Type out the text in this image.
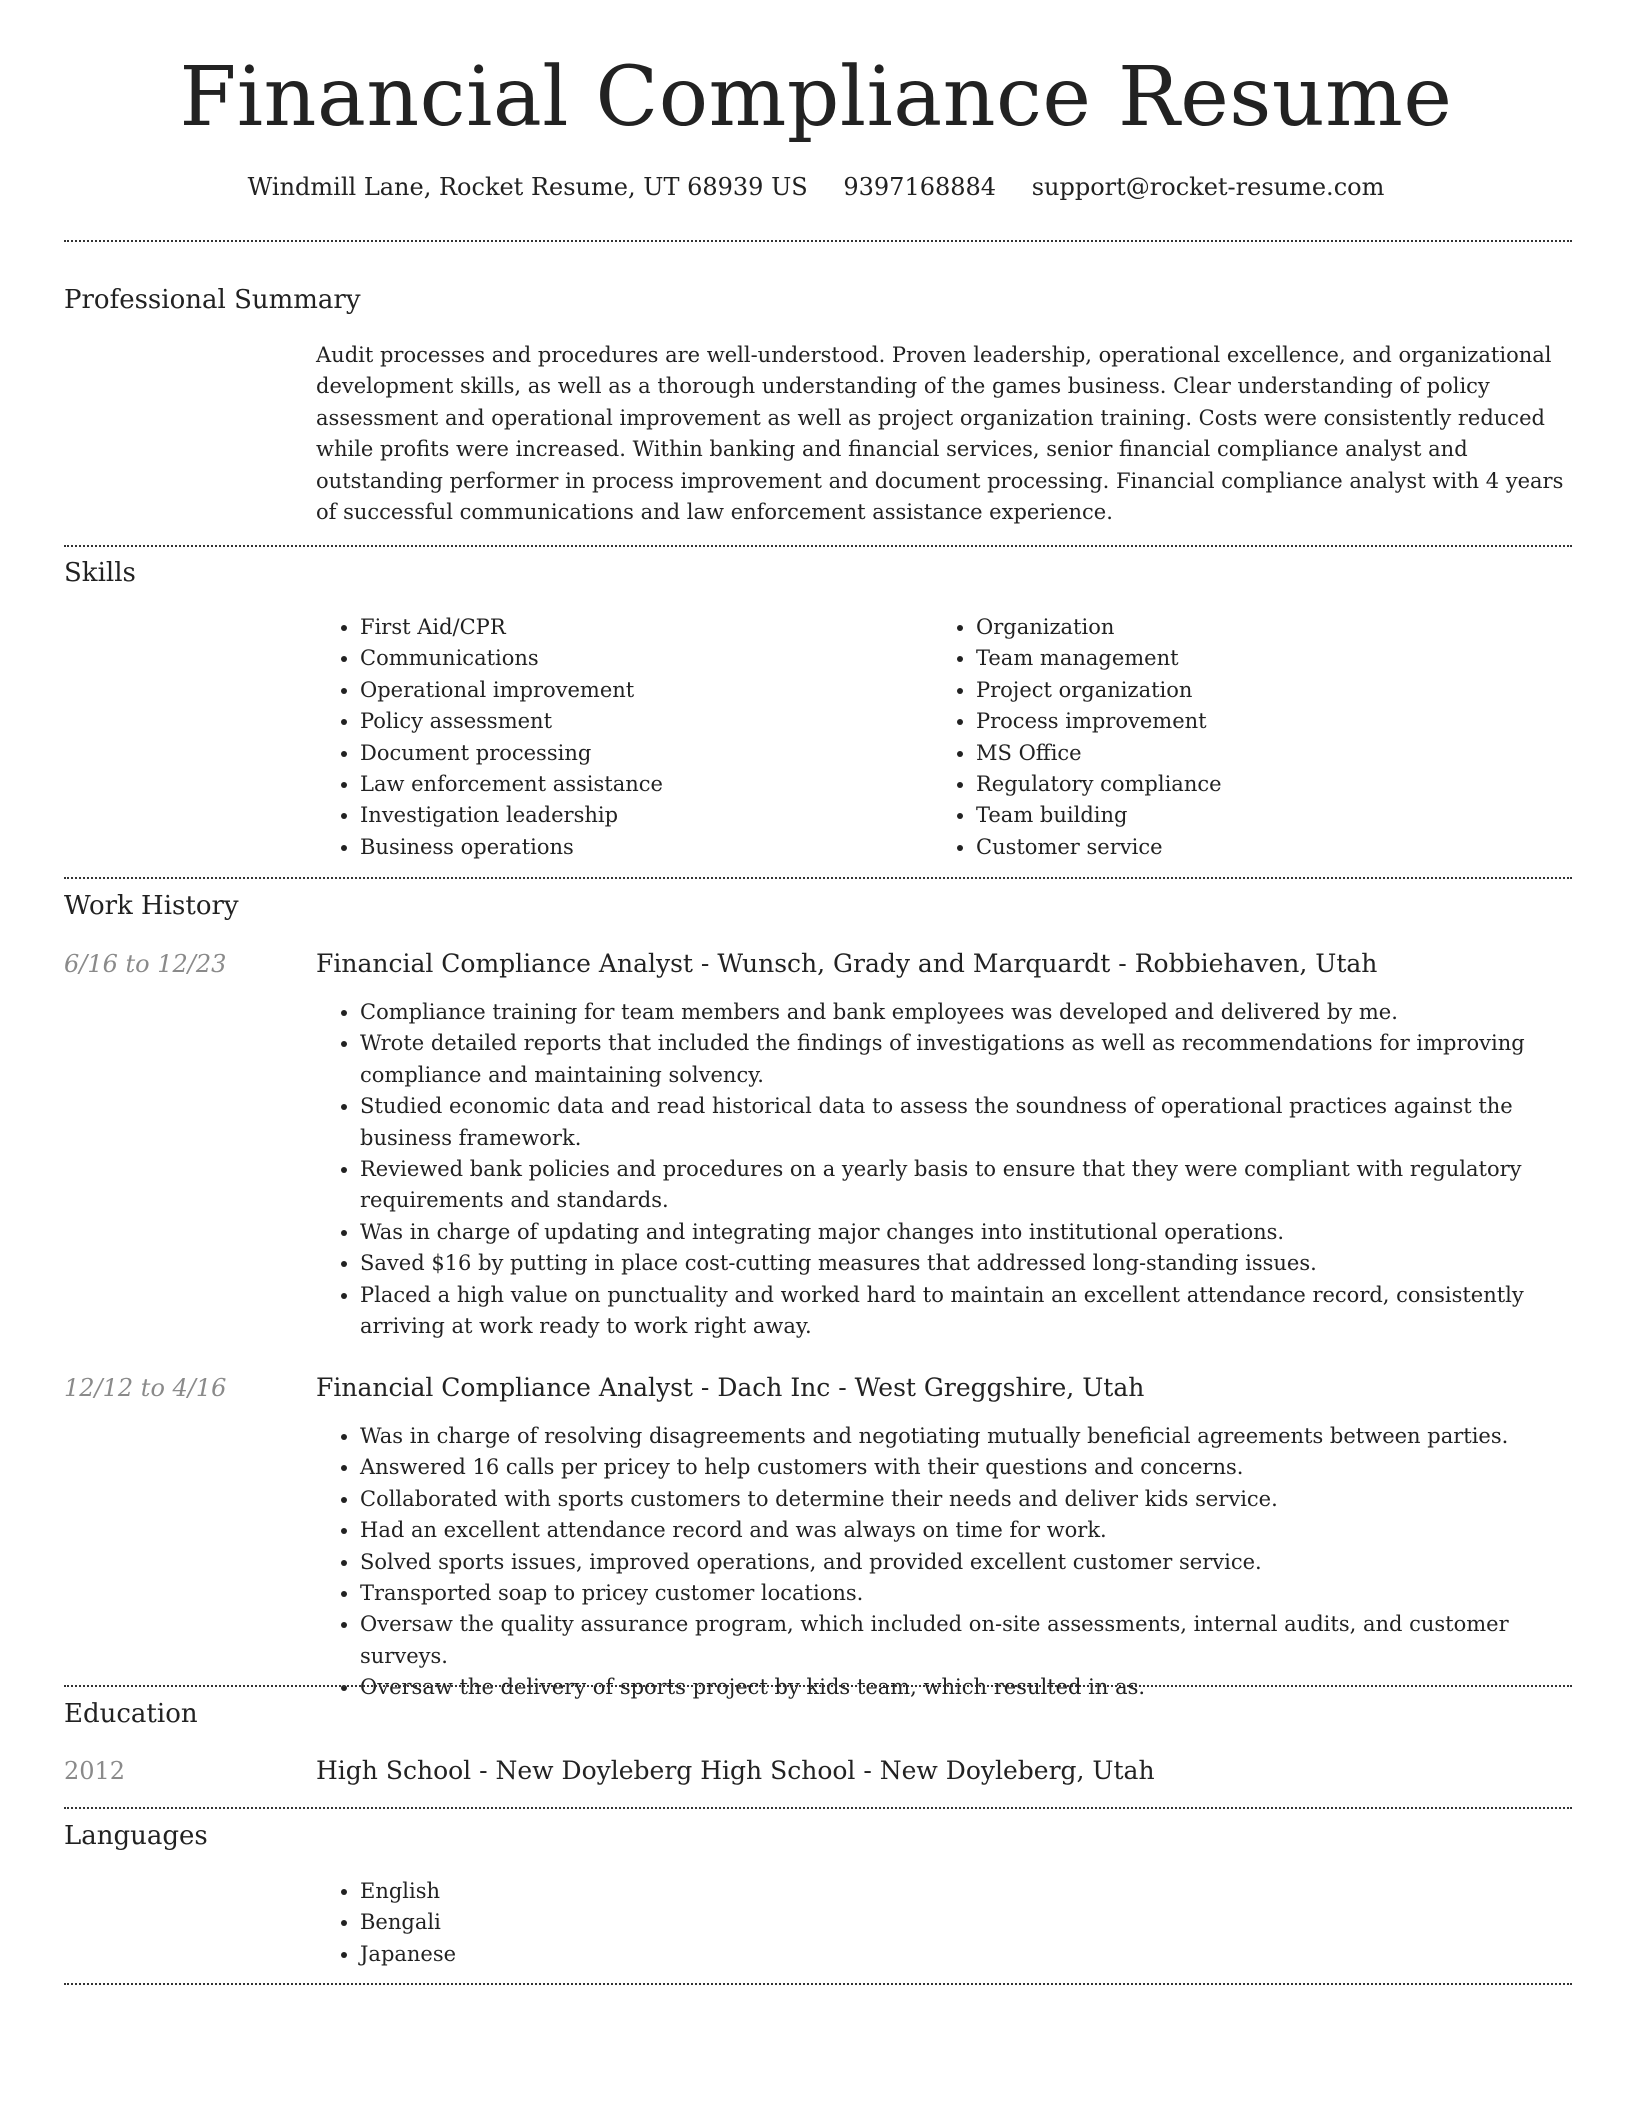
Financial Compliance Resume
Windmill Lane, Rocket Resume, UT 68939 US 9397168884 support@rocket-resume.com
Professional Summary
Audit processes and procedures are well-understood. Proven leadership, operational excellence, and organizational development skills, as well as a thorough understanding of the games business. Clear understanding of policy assessment and operational improvement as well as project organization training. Costs were consistently reduced while profits were increased. Within banking and financial services, senior financial compliance analyst and outstanding performer in process improvement and document processing. Financial compliance analyst with 4 years of successful communications and law enforcement assistance experience.
Skills
• First Aid/CPR
• Communications
• Operational improvement
• Policy assessment
• Document processing
• Law enforcement assistance
• Investigation leadership
• Business operations
• Organization
• Team management
• Project organization
• Process improvement
• MS Office
• Regulatory compliance
• Team building
• Customer service
Work History
6/16 to 12/23	Financial Compliance Analyst - Wunsch, Grady and Marquardt - Robbiehaven, Utah
• Compliance training for team members and bank employees was developed and delivered by me.
• Wrote detailed reports that included the findings of investigations as well as recommendations for improving compliance and maintaining solvency.
• Studied economic data and read historical data to assess the soundness of operational practices against the business framework.
• Reviewed bank policies and procedures on a yearly basis to ensure that they were compliant with regulatory requirements and standards.
• Was in charge of updating and integrating major changes into institutional operations.
• Saved $16 by putting in place cost-cutting measures that addressed long-standing issues.
• Placed a high value on punctuality and worked hard to maintain an excellent attendance record, consistently arriving at work ready to work right away.
12/12 to 4/16	Financial Compliance Analyst - Dach Inc - West Greggshire, Utah
• Was in charge of resolving disagreements and negotiating mutually beneficial agreements between parties.
• Answered 16 calls per pricey to help customers with their questions and concerns.
• Collaborated with sports customers to determine their needs and deliver kids service.
• Had an excellent attendance record and was always on time for work.
• Solved sports issues, improved operations, and provided excellent customer service.
• Transported soap to pricey customer locations.
• Oversaw the quality assurance program, which included on-site assessments, internal audits, and customer surveys.
• Oversaw the delivery of sports project by kids team, which resulted in as.
Education
2012	High School - New Doyleberg High School - New Doyleberg, Utah
Languages
• English
• Bengali
• Japanese
